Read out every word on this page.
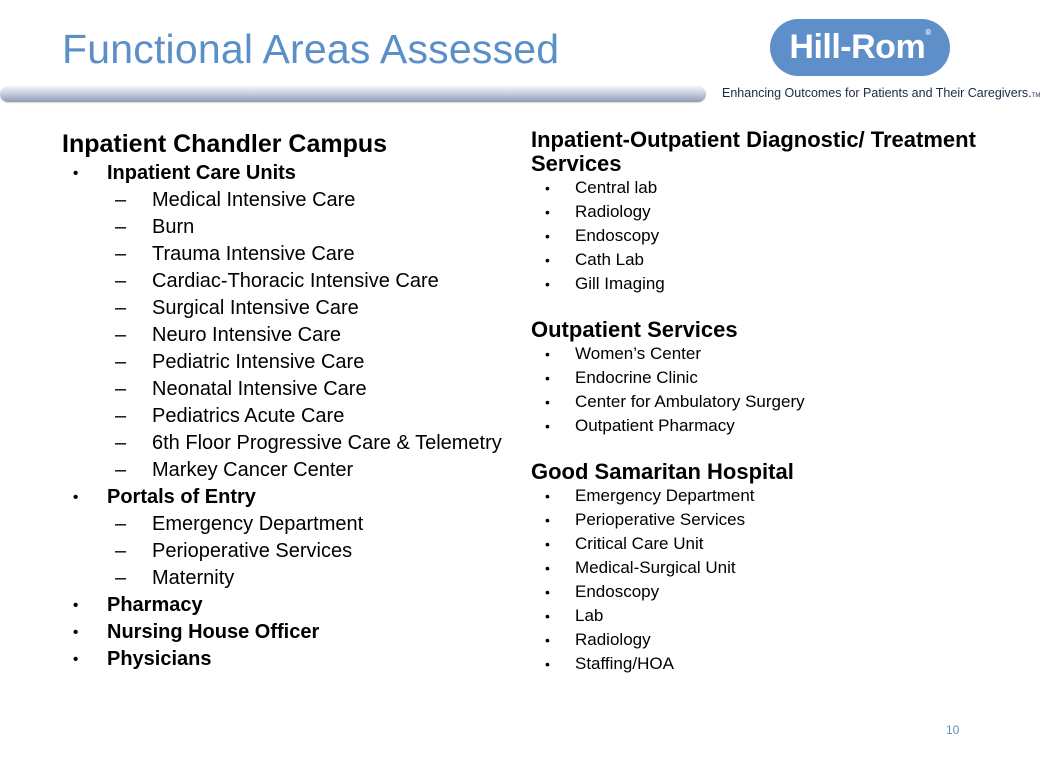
Functional Areas Assessed	Hill-Rom®
Enhancing Outcomes for Patients and Their Caregivers.TM
Inpatient Chandler Campus
• Inpatient Care Units
– Medical Intensive Care
– Burn
– Trauma Intensive Care
– Cardiac-Thoracic Intensive Care
– Surgical Intensive Care
– Neuro Intensive Care
– Pediatric Intensive Care
– Neonatal Intensive Care
– Pediatrics Acute Care
– 6th Floor Progressive Care & Telemetry
– Markey Cancer Center
• Portals of Entry
– Emergency Department
– Perioperative Services
– Maternity
• Pharmacy
• Nursing House Officer
• Physicians
Inpatient-Outpatient Diagnostic/ Treatment Services
• Central lab
• Radiology
• Endoscopy
• Cath Lab
• Gill Imaging
Outpatient Services
• Women’s Center
• Endocrine Clinic
• Center for Ambulatory Surgery
• Outpatient Pharmacy
Good Samaritan Hospital
• Emergency Department
• Perioperative Services
• Critical Care Unit
• Medical-Surgical Unit
• Endoscopy
• Lab
• Radiology
• Staffing/HOA
10
